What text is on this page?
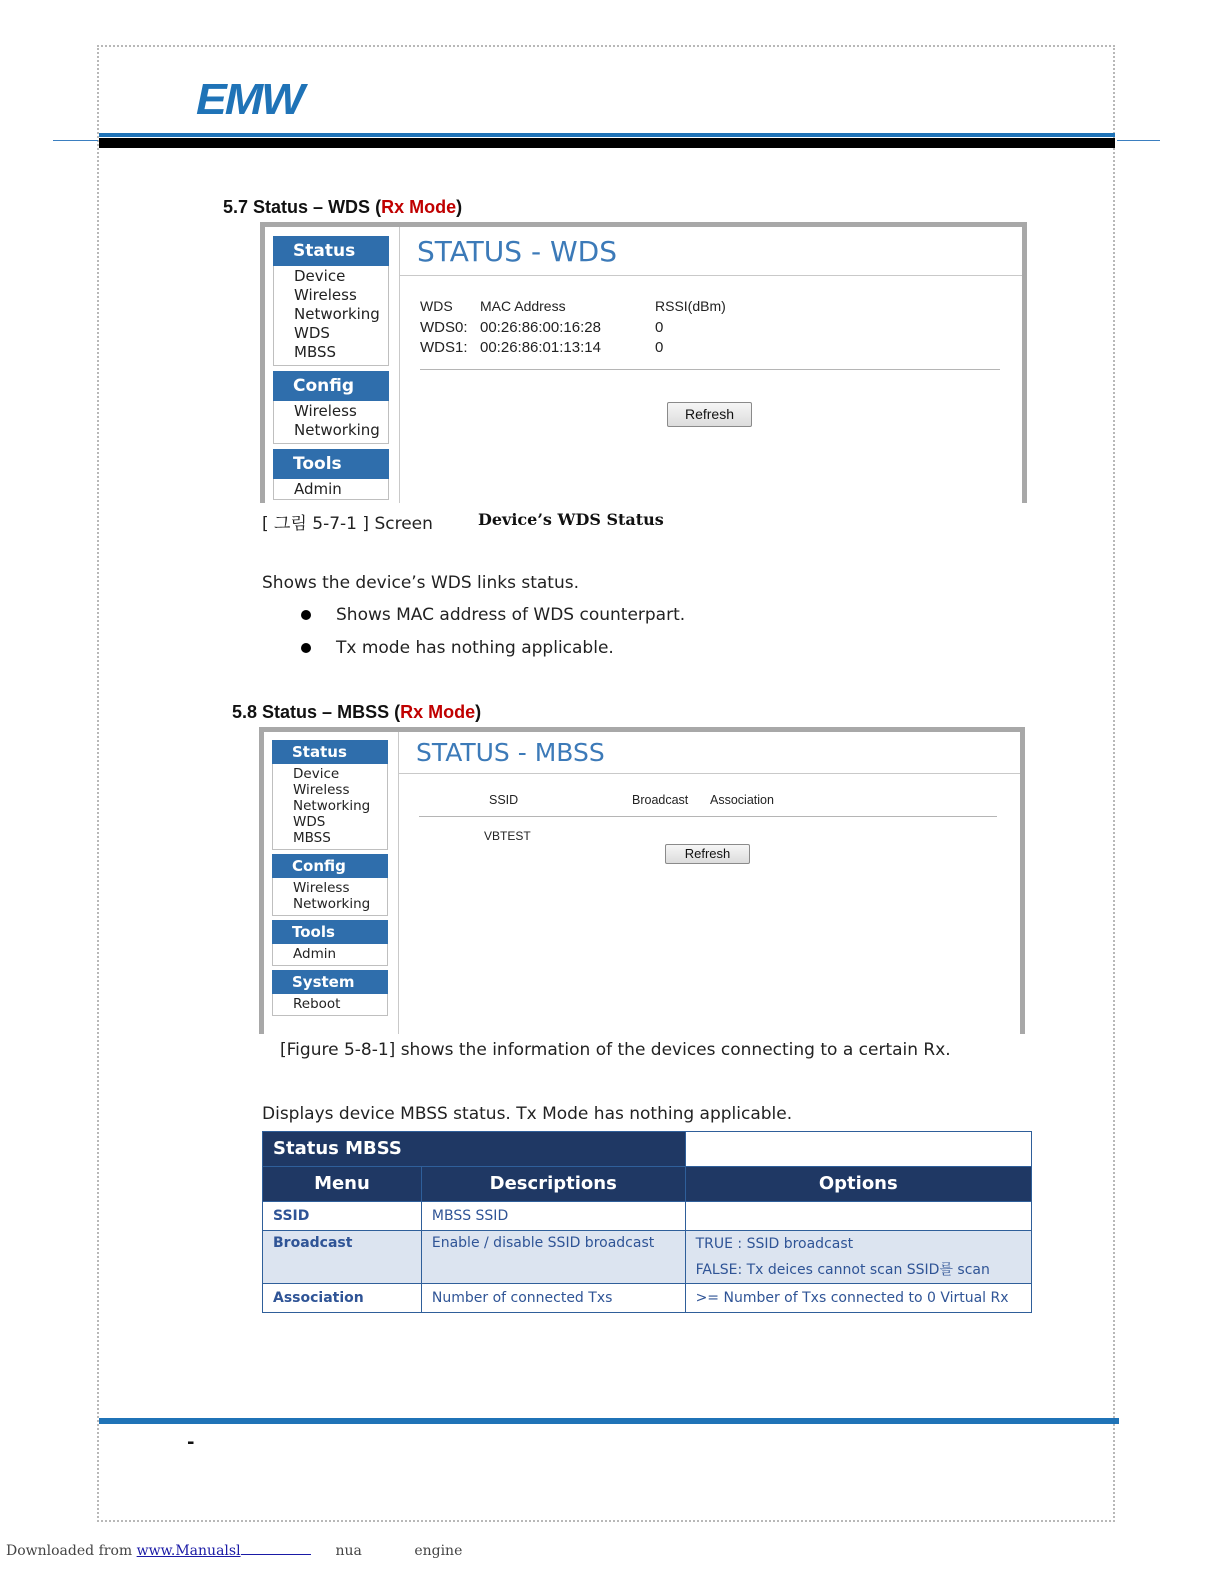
EMW
5.7 Status – WDS (Rx Mode)
Status
Device
Wireless
Networking
WDS
MBSS
Config
Wireless
Networking
Tools
Admin
STATUS - WDS
WDS MAC Address	RSSI(dBm)
WDS0: 00:26:86:00:16:28	0
WDS1: 00:26:86:01:13:14	0
Refresh
[ 그림 5-7-1 ] Screen	Device’s WDS Status
Shows the device’s WDS links status.
Shows MAC address of WDS counterpart.
Tx mode has nothing applicable.
5.8 Status – MBSS (Rx Mode)
Status
Device
Wireless
Networking
WDS
MBSS
Config
Wireless
Networking
Tools
Admin
System
Reboot
STATUS - MBSS
SSID	Broadcast Association
VBTEST
Refresh
[Figure 5-8-1] shows the information of the devices connecting to a certain Rx.
Displays device MBSS status. Tx Mode has nothing applicable.
Status MBSS		
Menu	Descriptions	Options
SSID	MBSS SSID	
Broadcast	Enable / disable SSID broadcast	TRUE : SSID broadcast
FALSE: Tx deices cannot scan SSID를 scan

Association	Number of connected Txs	>= Number of Txs connected to 0 Virtual Rx
-
Downloaded from www.Manualsl	nua	engine
